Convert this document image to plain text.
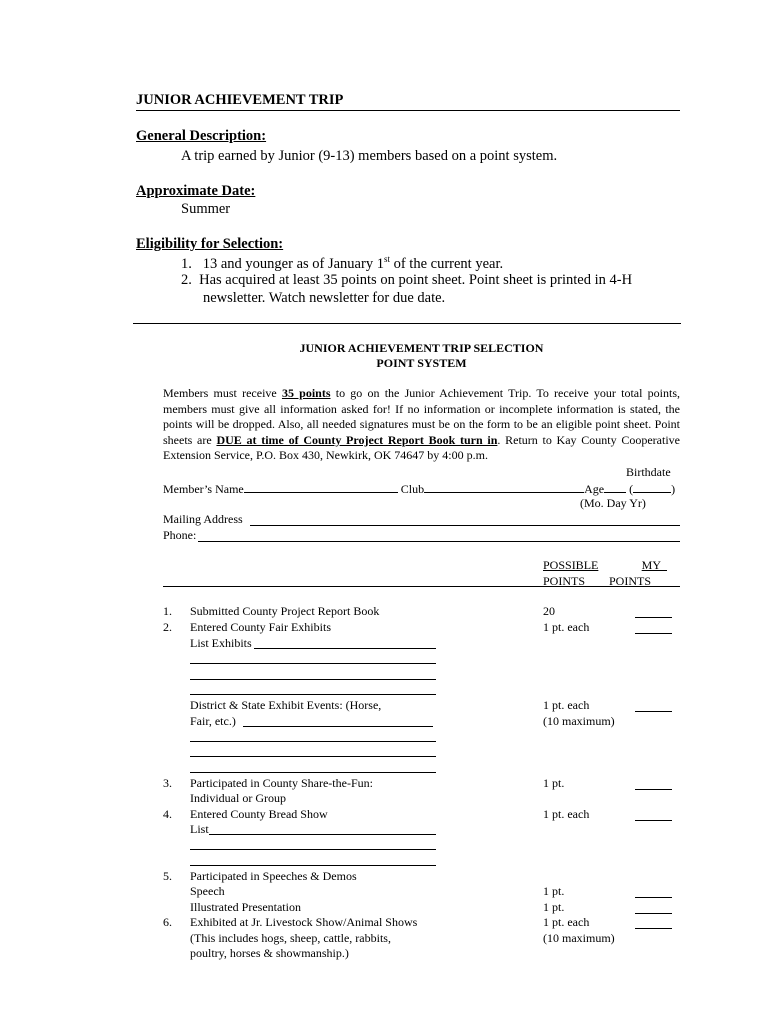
JUNIOR ACHIEVEMENT TRIP
General Description:
A trip earned by Junior (9-13) members based on a point system.
Approximate Date:
Summer
Eligibility for Selection:
1. 13 and younger as of January 1st of the current year.
2. Has acquired at least 35 points on point sheet. Point sheet is printed in 4-H
newsletter. Watch newsletter for due date.
JUNIOR ACHIEVEMENT TRIP SELECTION
POINT SYSTEM
Members must receive 35 points to go on the Junior Achievement Trip. To receive your total points, members must give all information asked for! If no information or incomplete information is stated, the points will be dropped. Also, all needed signatures must be on the form to be an eligible point sheet. Point sheets are DUE at time of County Project Report Book turn in. Return to Kay County Cooperative Extension Service, P.O. Box 430, Newkirk, OK 74647 by 4:00 p.m.
Birthdate
Member’s Name	Club	Age (	)
(Mo. Day Yr)
Mailing Address
Phone:
POSSIBLE	MY
POINTS POINTS
1. Submitted County Project Report Book	20
2. Entered County Fair Exhibits	1 pt. each
List Exhibits
District & State Exhibit Events: (Horse,	1 pt. each
Fair, etc.)	(10 maximum)
3. Participated in County Share-the-Fun:	1 pt.
Individual or Group
4. Entered County Bread Show	1 pt. each
List
5. Participated in Speeches & Demos
Speech	1 pt.
Illustrated Presentation	1 pt.
6. Exhibited at Jr. Livestock Show/Animal Shows	1 pt. each
(This includes hogs, sheep, cattle, rabbits,	(10 maximum)
poultry, horses & showmanship.)
